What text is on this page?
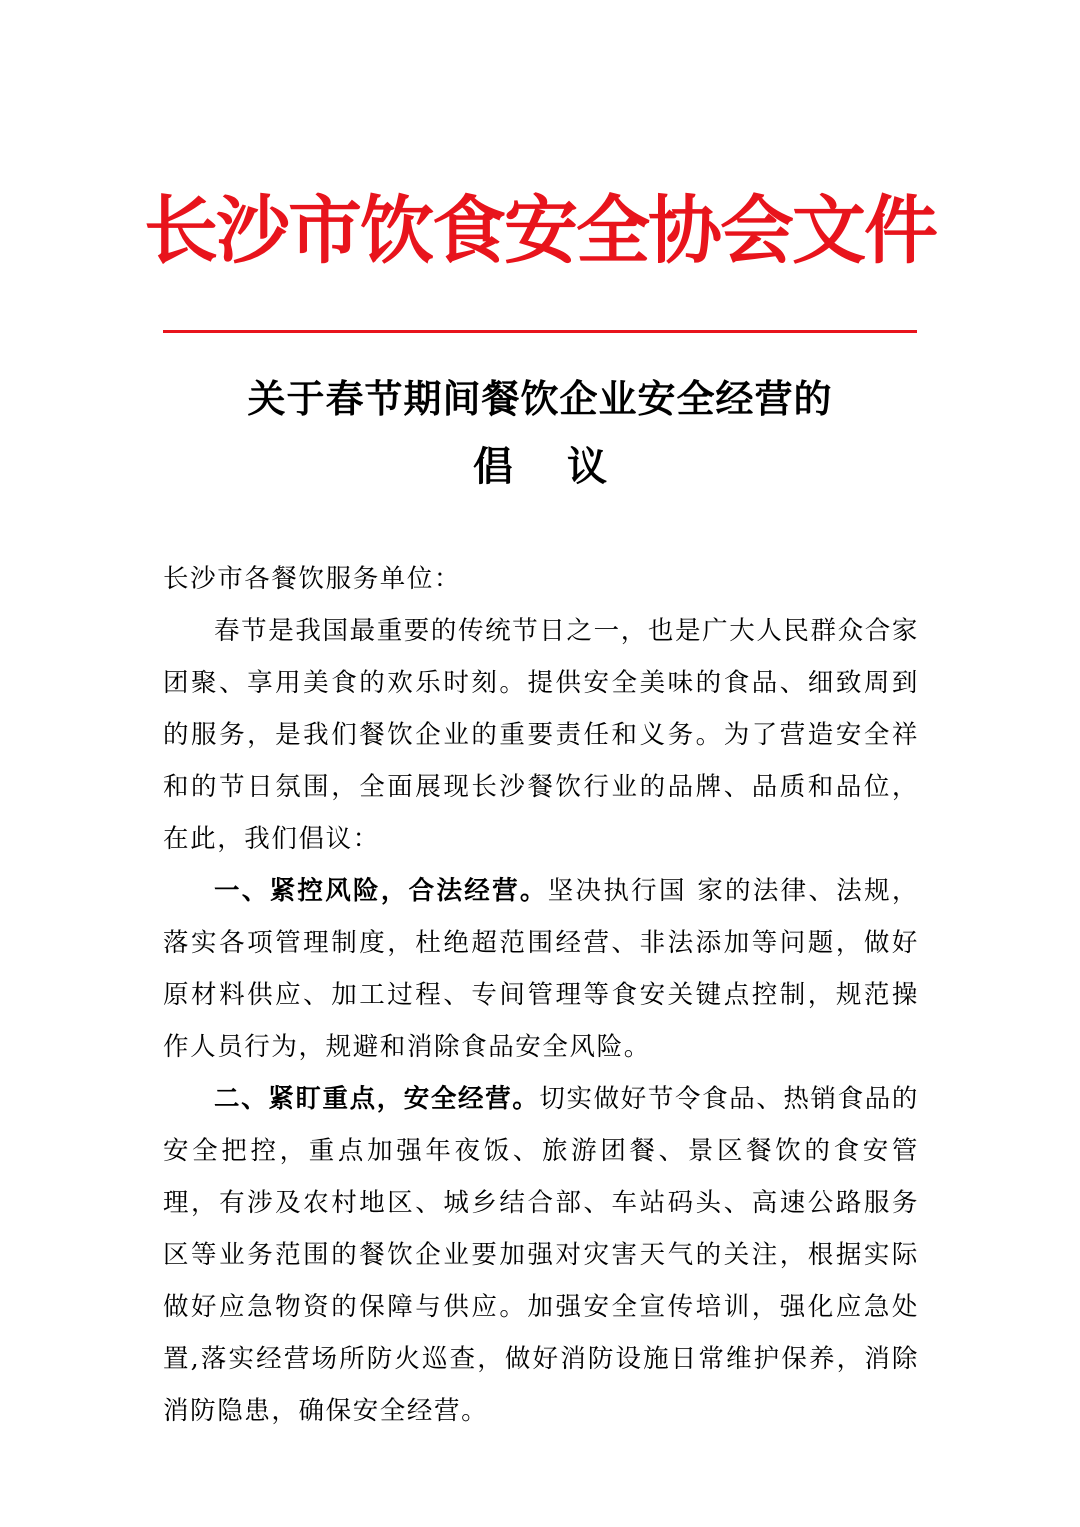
长沙市饮食安全协会文件
关于春节期间餐饮企业安全经营的
倡　 议

长沙市各餐饮服务单位：

春节是我国最重要的传统节日之一，也是广大人民群众合家团聚、享用美食的欢乐时刻。提供安全美味的食品、细致周到的服务，是我们餐饮企业的重要责任和义务。为了营造安全祥和的节日氛围，全面展现长沙餐饮行业的品牌、品质和品位，在此，我们倡议：

一、紧控风险，合法经营。坚决执行国 家的法律、法规，落实各项管理制度，杜绝超范围经营、非法添加等问题，做好原材料供应、加工过程、专间管理等食安关键点控制，规范操作人员行为，规避和消除食品安全风险。

二、紧盯重点，安全经营。切实做好节令食品、热销食品的安全把控，重点加强年夜饭、旅游团餐、景区餐饮的食安管理，有涉及农村地区、城乡结合部、车站码头、高速公路服务区等业务范围的餐饮企业要加强对灾害天气的关注，根据实际做好应急物资的保障与供应。加强安全宣传培训，强化应急处置,落实经营场所防火巡查，做好消防设施日常维护保养，消除消防隐患，确保安全经营。
